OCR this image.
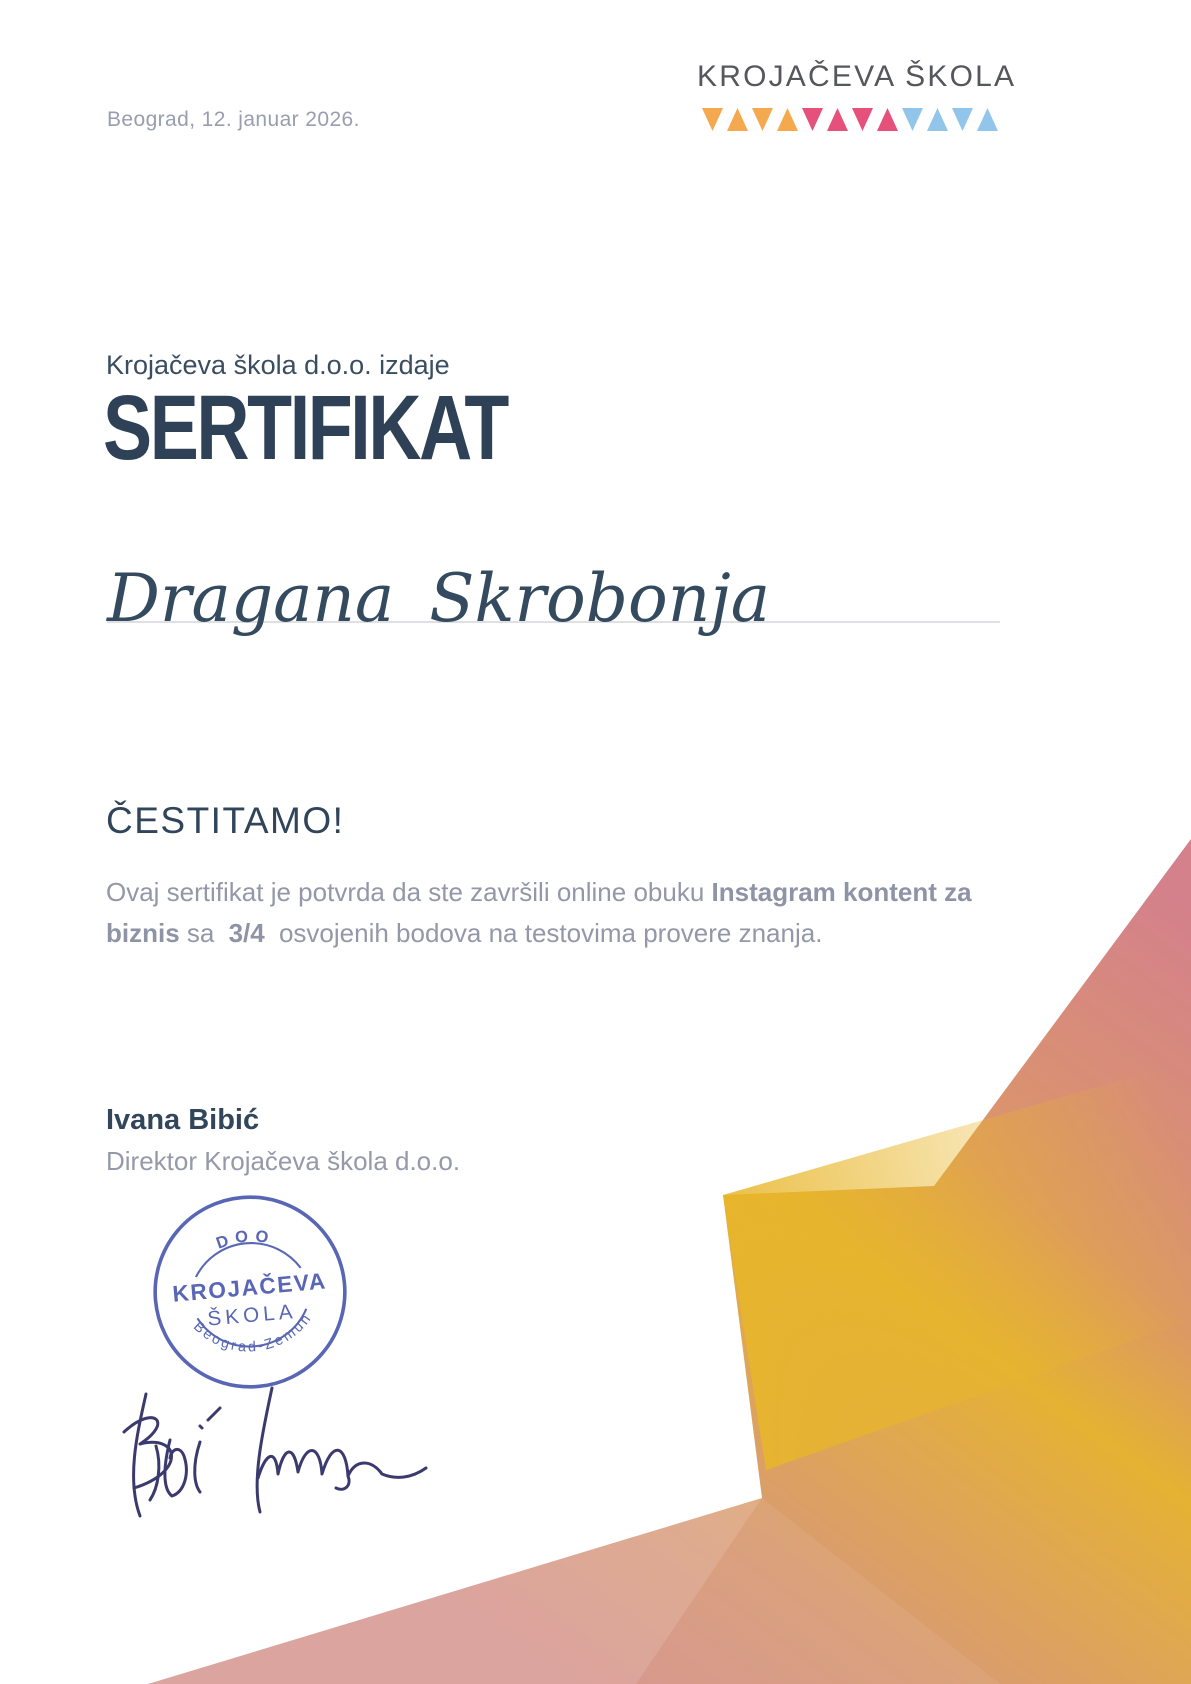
Beograd, 12. januar 2026.
KROJAČEVA ŠKOLA
Krojačeva škola d.o.o. izdaje
SERTIFIKAT
Dragana Skrobonja
ČESTITAMO!
Ovaj sertifikat je potvrda da ste završili online obuku Instagram kontent za biznis sa 3/4 osvojenih bodova na testovima provere znanja.
Ivana Bibić
Direktor Krojačeva škola d.o.o.
DOO
KROJAČEVA
ŠKOLA
Beograd-Zemun
